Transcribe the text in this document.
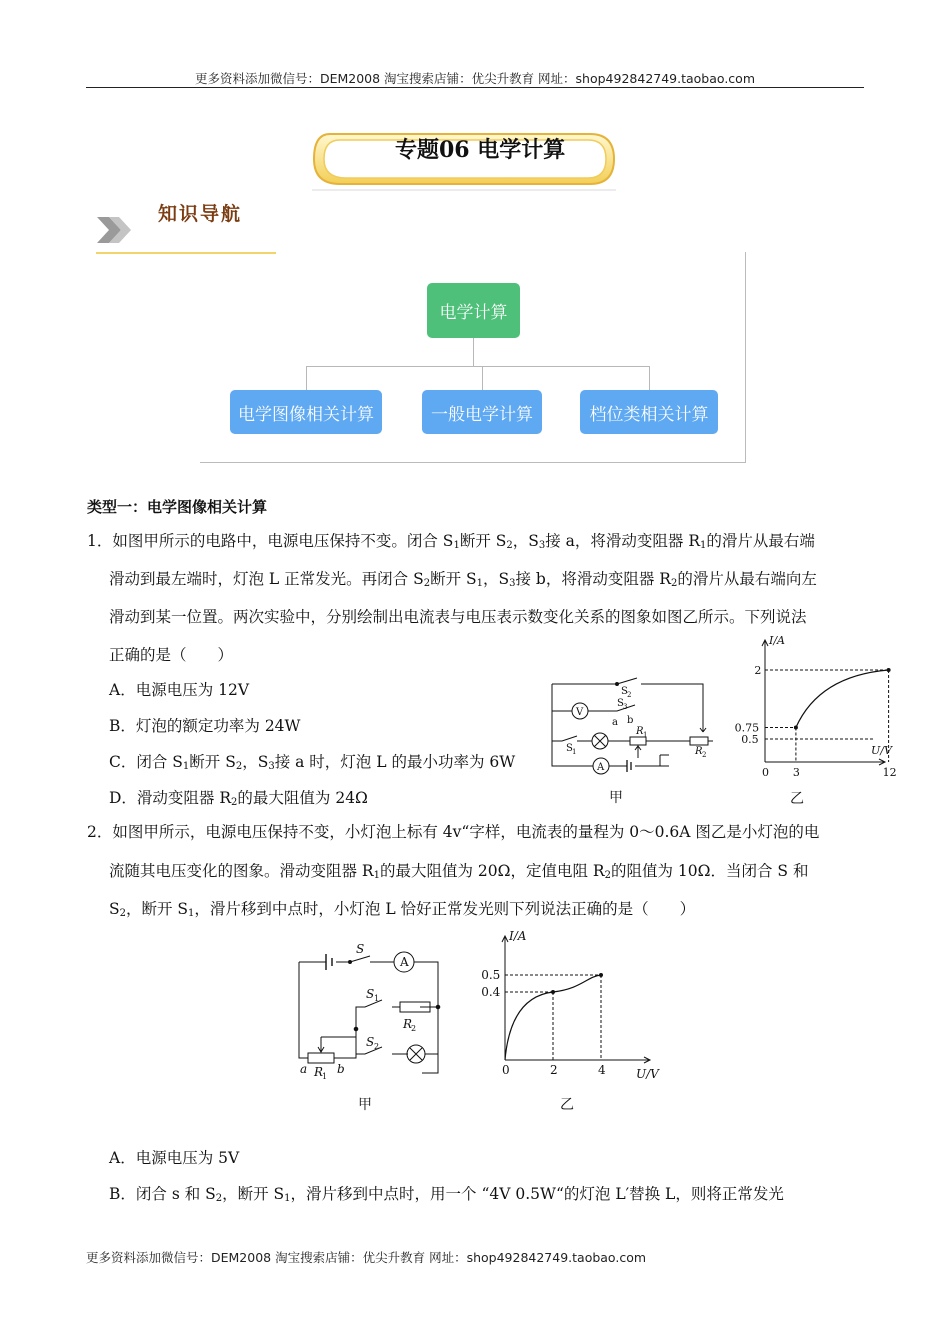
更多资料添加微信号：DEM2008 淘宝搜索店铺：优尖升教育 网址：shop492842749.taobao.com
专题06 电学计算
知识导航
电学计算
电学图像相关计算	一般电学计算	档位类相关计算
类型一：电学图像相关计算
1．如图甲所示的电路中，电源电压保持不变。闭合 $S_1$断开 $S_2$，$S_3$接 a，将滑动变阻器 $R_1$的滑片从最右端
滑动到最左端时，灯泡 L 正常发光。再闭合 $S_2$断开 $S_1$，$S_3$接 b，将滑动变阻器 $R_2$的滑片从最右端向左
滑动到某一位置。两次实验中，分别绘制出电流表与电压表示数变化关系的图象如图乙所示。下列说法
正确的是（　　）
A．电源电压为 12V
B．灯泡的额定功率为 24W
C．闭合 $S_1$断开 $S_2$，$S_3$接 a 时，灯泡 L 的最小功率为 6W
D．滑动变阻器 $R_2$的最大阻值为 24Ω
S 2
V
S 3
a b
S 1
R 1
R 2
A
甲
I/A
U/V
0 3	12
0.5
0.75
2
乙
2．如图甲所示，电源电压保持不变，小灯泡上标有 4v“字样，电流表的量程为 0～0.6A 图乙是小灯泡的电
流随其电压变化的图象。滑动变阻器 $R_1$的最大阻值为 20Ω，定值电阻 $R_2$的阻值为 10Ω．当闭合 S 和
$S_2$，断开 $S_1$，滑片移到中点时，小灯泡 L 恰好正常发光则下列说法正确的是（　　）
S
A
S 1
R
2
S 2
a R
1
b
甲
I/A
U/V
0	2	4
0.4
0.5
乙
A．电源电压为 5V
B．闭合 s 和 $S_2$，断开 $S_1$，滑片移到中点时，用一个 “4V 0.5W“的灯泡 L′替换 L，则将正常发光
更多资料添加微信号：DEM2008 淘宝搜索店铺：优尖升教育 网址：shop492842749.taobao.com
